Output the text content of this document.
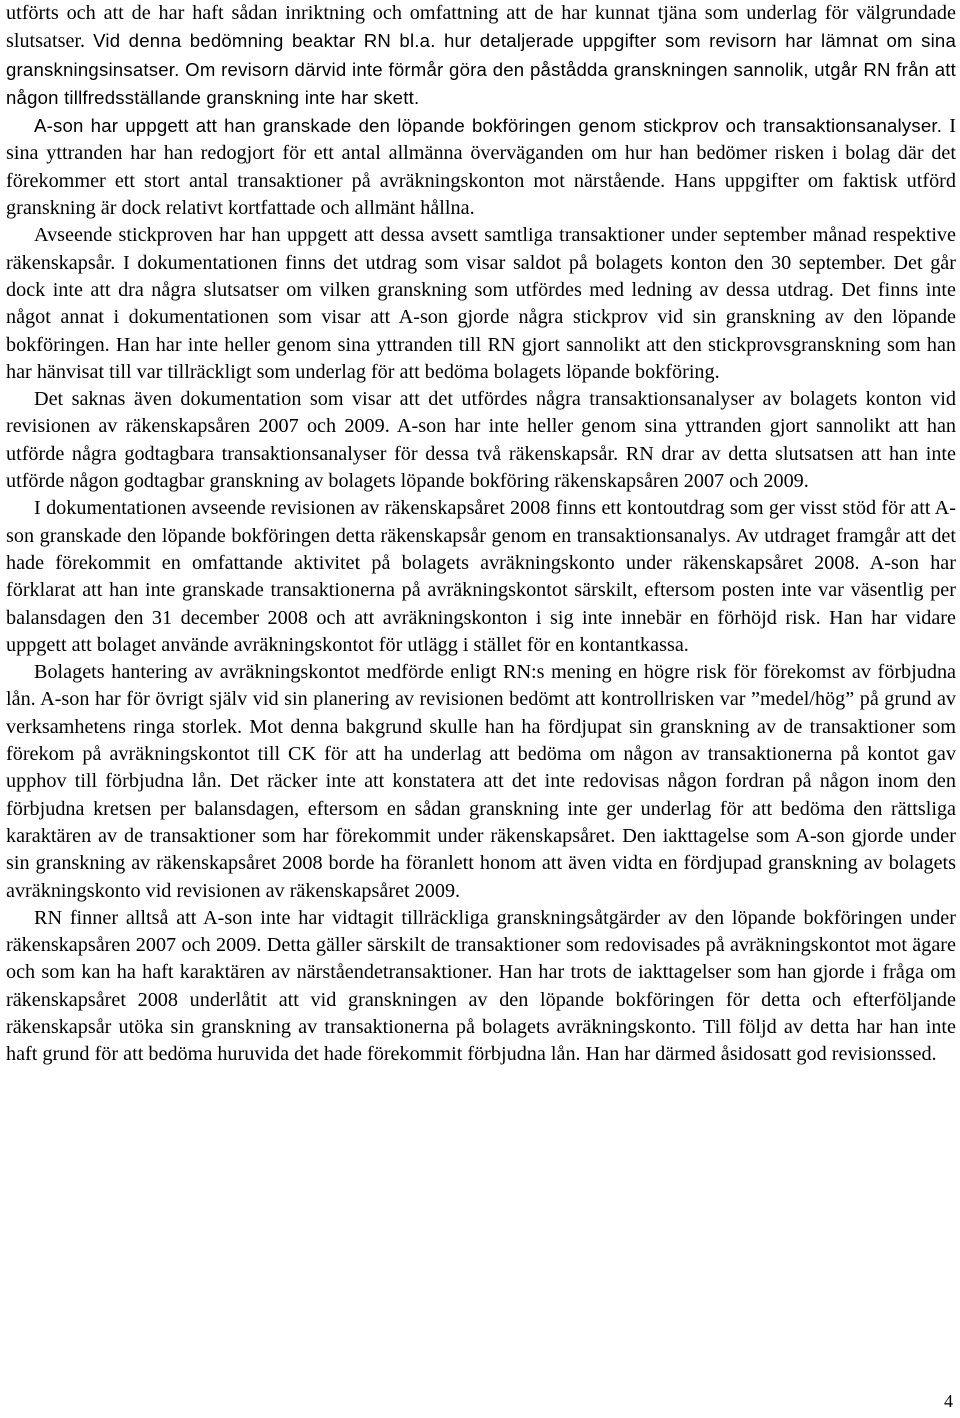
utförts och att de har haft sådan inriktning och omfattning att de har kunnat tjäna som underlag för välgrundade slutsatser. Vid denna bedömning beaktar RN bl.a. hur detaljerade uppgifter som revisorn har lämnat om sina granskningsinsatser. Om revisorn därvid inte förmår göra den påstådda granskningen sannolik, utgår RN från att någon tillfredsställande granskning inte har skett.

A-son har uppgett att han granskade den löpande bokföringen genom stickprov och transaktionsanalyser. I sina yttranden har han redogjort för ett antal allmänna överväganden om hur han bedömer risken i bolag där det förekommer ett stort antal transaktioner på avräkningskonton mot närstående. Hans uppgifter om faktisk utförd granskning är dock relativt kortfattade och allmänt hållna.

Avseende stickproven har han uppgett att dessa avsett samtliga transaktioner under september månad respektive räkenskapsår. I dokumentationen finns det utdrag som visar saldot på bolagets konton den 30 september. Det går dock inte att dra några slutsatser om vilken granskning som utfördes med ledning av dessa utdrag. Det finns inte något annat i dokumentationen som visar att A-son gjorde några stickprov vid sin granskning av den löpande bokföringen. Han har inte heller genom sina yttranden till RN gjort sannolikt att den stickprovsgranskning som han har hänvisat till var tillräckligt som underlag för att bedöma bolagets löpande bokföring.

Det saknas även dokumentation som visar att det utfördes några transaktionsanalyser av bolagets konton vid revisionen av räkenskapsåren 2007 och 2009. A-son har inte heller genom sina yttranden gjort sannolikt att han utförde några godtagbara transaktionsanalyser för dessa två räkenskapsår. RN drar av detta slutsatsen att han inte utförde någon godtagbar granskning av bolagets löpande bokföring räkenskapsåren 2007 och 2009.

I dokumentationen avseende revisionen av räkenskapsåret 2008 finns ett kontoutdrag som ger visst stöd för att A-son granskade den löpande bokföringen detta räkenskapsår genom en transaktionsanalys. Av utdraget framgår att det hade förekommit en omfattande aktivitet på bolagets avräkningskonto under räkenskapsåret 2008. A-son har förklarat att han inte granskade transaktionerna på avräkningskontot särskilt, eftersom posten inte var väsentlig per balansdagen den 31 december 2008 och att avräkningskonton i sig inte innebär en förhöjd risk. Han har vidare uppgett att bolaget använde avräkningskontot för utlägg i stället för en kontantkassa.

Bolagets hantering av avräkningskontot medförde enligt RN:s mening en högre risk för förekomst av förbjudna lån. A-son har för övrigt själv vid sin planering av revisionen bedömt att kontrollrisken var ”medel/hög” på grund av verksamhetens ringa storlek. Mot denna bakgrund skulle han ha fördjupat sin granskning av de transaktioner som förekom på avräkningskontot till CK för att ha underlag att bedöma om någon av transaktionerna på kontot gav upphov till förbjudna lån. Det räcker inte att konstatera att det inte redovisas någon fordran på någon inom den förbjudna kretsen per balansdagen, eftersom en sådan granskning inte ger underlag för att bedöma den rättsliga karaktären av de transaktioner som har förekommit under räkenskapsåret. Den iakttagelse som A-son gjorde under sin granskning av räkenskapsåret 2008 borde ha föranlett honom att även vidta en fördjupad granskning av bolagets avräkningskonto vid revisionen av räkenskapsåret 2009.

RN finner alltså att A-son inte har vidtagit tillräckliga granskningsåtgärder av den löpande bokföringen under räkenskapsåren 2007 och 2009. Detta gäller särskilt de transaktioner som redovisades på avräkningskontot mot ägare och som kan ha haft karaktären av närståendetransaktioner. Han har trots de iakttagelser som han gjorde i fråga om räkenskapsåret 2008 underlåtit att vid granskningen av den löpande bokföringen för detta och efterföljande räkenskapsår utöka sin granskning av transaktionerna på bolagets avräkningskonto. Till följd av detta har han inte haft grund för att bedöma huruvida det hade förekommit förbjudna lån. Han har därmed åsidosatt god revisionssed.

4
